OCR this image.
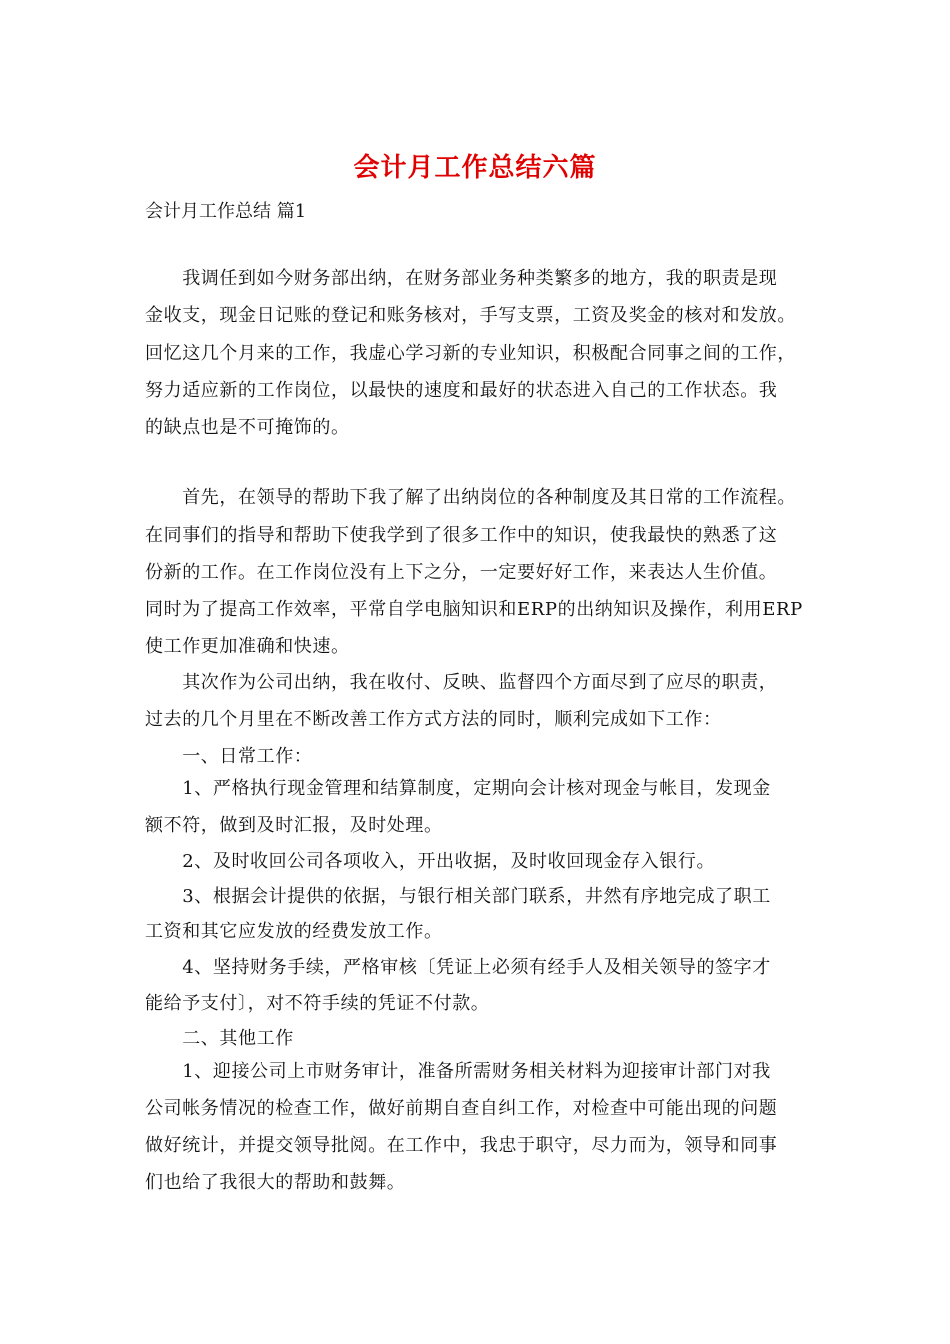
会计月工作总结六篇
会计月工作总结 篇1
　　我调任到如今财务部出纳，在财务部业务种类繁多的地方，我的职责是现
金收支，现金日记账的登记和账务核对，手写支票，工资及奖金的核对和发放。
回忆这几个月来的工作，我虚心学习新的专业知识，积极配合同事之间的工作，
努力适应新的工作岗位，以最快的速度和最好的状态进入自己的工作状态。我
的缺点也是不可掩饰的。
　　首先，在领导的帮助下我了解了出纳岗位的各种制度及其日常的工作流程。
在同事们的指导和帮助下使我学到了很多工作中的知识，使我最快的熟悉了这
份新的工作。在工作岗位没有上下之分，一定要好好工作，来表达人生价值。
同时为了提高工作效率，平常自学电脑知识和ERP的出纳知识及操作，利用ERP
使工作更加准确和快速。
　　其次作为公司出纳，我在收付、反映、监督四个方面尽到了应尽的职责，
过去的几个月里在不断改善工作方式方法的同时，顺利完成如下工作：
　　一、日常工作：
　　1、严格执行现金管理和结算制度，定期向会计核对现金与帐目，发现金
额不符，做到及时汇报，及时处理。
　　2、及时收回公司各项收入，开出收据，及时收回现金存入银行。
　　3、根据会计提供的依据，与银行相关部门联系，井然有序地完成了职工
工资和其它应发放的经费发放工作。
　　4、坚持财务手续，严格审核〔凭证上必须有经手人及相关领导的签字才
能给予支付〕，对不符手续的凭证不付款。
　　二、其他工作
　　1、迎接公司上市财务审计，准备所需财务相关材料为迎接审计部门对我
公司帐务情况的检查工作，做好前期自查自纠工作，对检查中可能出现的问题
做好统计，并提交领导批阅。在工作中，我忠于职守，尽力而为，领导和同事
们也给了我很大的帮助和鼓舞。
